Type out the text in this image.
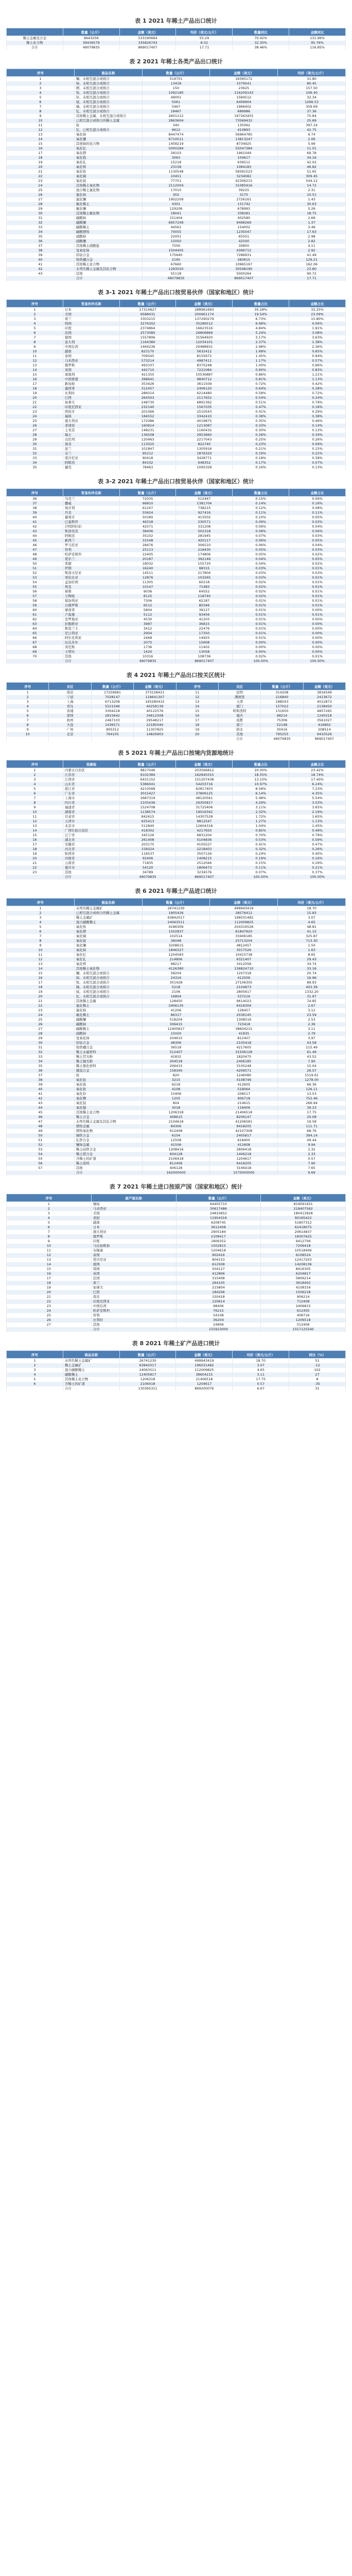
表 1 2021 年稀土产品出口统计
	数量（公斤）	金额（美元）	均价（美元/公斤）	数量同比	金额同比
稀土金属及合金	9643256	533190664	55.29	70.42%	131.96%
稀土化合物	39436579	335826743	8.52	32.30%	95.76%
合计	49079835	869017407	17.71	38.46%	116.85%
表 2 2021 年稀土各类产品出口统计
序号	商品名称	数量（公斤）	金额（美元）	均价（美元/公斤）
1	镧、未相互混合或熔合	514701	16365172	31.80
2	铈、未相互混合或熔合	13418	1079541	80.45
3	镨、未相互混合或熔合	150	23625	157.50
4	钕、未相互混合或熔合	1092180	116209143	106.40
5	钐、未相互混合或熔合	49001	1584512	32.34
6	铽、未相互混合或熔合	5061	6409904	1266.53
7	镝、未相互混合或熔合	5467	1966402	359.69
8	钇、未相互混合或熔合	18467	689986	37.36
9	其他稀土金属、未相互混合或熔合	2601212	197263455	75.84
10	已相互混合或熔合的稀土金属	2863604	73569432	25.69
11	钪	340	135062	397.24
12	钇、已相互混合或熔合	9612	410893	42.75
13	氧化铈	8447474	56964785	6.74
14	氧化镧	6710011	13813247	2.06
15	其他铈的化合物	1458219	8734925	5.99
16	氧化钇	5000284	55047384	11.01
17	氧化镨	28103	1961049	69.78
18	氧化铕	3063	104617	34.16
19	氧化钆	15218	639512	42.02
20	氧化铒	23158	1084183	46.82
21	氧化钕	1130548	58391523	51.65
22	氧化镝	10451	3234082	309.45
23	氧化铽	77751	42306215	544.12
24	其他稀土氧化物	2112004	31085916	14.72
25	混合稀土氯化物	17010	39225	2.31
26	氯化铈	302	3175	10.51
27	氯化镧	1902209	2726161	1.43
28	氟化稀土	4301	131742	30.63
29	氟化镧	129206	678993	5.26
30	其他稀土氟化物	18041	338281	18.75
31	碳酸铈	151404	402580	2.66
32	碳酸镧	6957249	9498269	1.37
33	碳酸稀土	44561	154002	3.46
34	碳酸镨钕	70055	1235047	17.63
35	硝酸铈	22001	65501	2.98
36	硝酸镧	15050	42500	2.82
37	其他稀土硝酸盐	7500	30850	4.11
38	氢氧化铈	1504405	4396712	2.92
39	钐钴合金	175640	7286931	41.49
40	钕铁硼合金	2195	283615	129.21
41	其他稀土化合物	67660	10965167	162.06
42	未列名稀土金属及其化合物	1283550	30548190	23.80
43	其他	55118	5000264	90.72
	合计	49079835	869017407	17.71
表 3-1 2021 年稀土产品出口按贸易伙伴（国家和地区）统计
序号	贸易伙伴名称	数量（公斤）	金额（美元）	数量占比	金额占比
1	日本	17314827	288961693	35.28%	33.25%
2	美国	9588431	200661174	19.54%	23.09%
3	荷兰	3303215	137290279	6.73%	15.80%
4	韩国	3276302	35286512	6.68%	4.06%
5	印度	2374864	16623516	4.84%	1.91%
6	法国	2573080	26806869	5.24%	3.08%
7	德国	1557806	31564920	3.17%	3.63%
8	意大利	1164380	12034101	2.37%	1.38%
9	中国台湾	1464236	20488931	2.98%	2.36%
10	越南	823170	5632412	1.68%	0.65%
11	泰国	709545	8155672	1.45%	0.94%
12	马来西亚	573214	4987411	1.17%	0.57%
13	俄罗斯	493107	8375248	1.00%	0.96%
14	英国	442710	7221084	0.90%	0.83%
15	奥地利	421355	10536887	0.86%	1.21%
16	中国香港	398641	9840712	0.81%	1.13%
17	新加坡	353426	3611509	0.72%	0.42%
18	墨西哥	312457	2406120	0.64%	0.28%
19	比利时	286014	6214480	0.58%	0.72%
20	巴西	264503	2117652	0.54%	0.24%
21	加拿大	248730	6891362	0.51%	0.79%
22	印度尼西亚	232140	1567035	0.47%	0.18%
23	西班牙	201066	2510543	0.41%	0.29%
24	瑞典	184552	3342410	0.38%	0.38%
25	澳大利亚	172086	4019875	0.35%	0.46%
26	菲律宾	160814	1213087	0.33%	0.14%
27	土耳其	148231	1160432	0.30%	0.13%
28	瑞士	136508	2953660	0.28%	0.34%
29	以色列	120463	2217043	0.25%	0.26%
30	南非	113025	822740	0.23%	0.09%
31	波兰	101847	1305916	0.21%	0.15%
32	芬兰	95212	1876320	0.19%	0.22%
33	爱沙尼亚	90418	3428771	0.18%	0.39%
34	阿联酋	84102	648352	0.17%	0.07%
35	捷克	78463	1095328	0.16%	0.13%
表 3-2 2021 年稀土产品出口按贸易伙伴（国家和地区）统计
序号	贸易伙伴名称	数量（公斤）	金额（美元）	数量占比	金额占比
36	乌克兰	72035	512447	0.15%	0.06%
37	挪威	66810	1381704	0.14%	0.16%
38	匈牙利	61247	738215	0.12%	0.08%
39	丹麦	55624	927416	0.11%	0.11%
40	葡萄牙	50180	413502	0.10%	0.05%
41	巴基斯坦	46318	230571	0.09%	0.03%
42	沙特阿拉伯	42571	331208	0.09%	0.04%
43	斯洛伐克	38406	502318	0.08%	0.06%
44	阿根廷	35102	281945	0.07%	0.03%
45	新西兰	31548	420117	0.06%	0.05%
46	罗马尼亚	28476	306510	0.06%	0.04%
47	智利	25113	218430	0.05%	0.03%
48	哈萨克斯坦	22405	174806	0.05%	0.02%
49	爱尔兰	20187	392146	0.04%	0.05%
50	希腊	18032	155720	0.04%	0.02%
51	伊朗	16240	98315	0.03%	0.01%
52	斯洛文尼亚	14511	217804	0.03%	0.03%
53	哥伦比亚	12876	103265	0.03%	0.01%
54	孟加拉国	11305	60218	0.02%	0.01%
55	埃及	10147	71483	0.02%	0.01%
56	秘鲁	9036	64552	0.02%	0.01%
57	立陶宛	8125	118740	0.02%	0.01%
58	保加利亚	7306	62187	0.01%	0.01%
59	白俄罗斯	6512	80346	0.01%	0.01%
60	摩洛哥	5804	39127	0.01%	0.00%
61	卢森堡	5112	93456	0.01%	0.01%
62	克罗地亚	4530	41203	0.01%	0.00%
63	拉脱维亚	3987	36815	0.01%	0.00%
64	斯里兰卡	3412	22476	0.01%	0.00%
65	尼日利亚	2904	17350	0.01%	0.00%
66	阿尔及利亚	2468	14925	0.01%	0.00%
67	厄瓜多尔	2075	15608	0.00%	0.00%
68	突尼斯	1736	11402	0.00%	0.00%
69	卡塔尔	1420	13058	0.00%	0.00%
70	其他	10316	108736	0.02%	0.01%
	合计	49079835	869017407	100.00%	100.00%
表 4 2021 年稀土产品出口按关区统计
序号	关区	数量（公斤）	金额（美元）	序号	关区	数量（公斤）	金额（美元）
1	南京	17259681	373158421	11	昆明	314208	3816549
2	宁波	7028147	118641307	12	满洲里	216840	2413672
3	上海	6713208	165280415	13	天津	188543	4012873
4	青岛	5521046	40258139	14	厦门	157022	2138450
5	黄埔	3304218	40122576	15	呼和浩特	131650	4857265
6	深圳	2815642	34612508	16	重庆	98214	1240318
7	杭州	2467103	29548217	17	成都	75306	3561027
8	大连	1436571	22185040	18	南宁	52148	416802
9	广州	905312	11307825	19	拱北	30416	208514
10	北京	764105	14826903	20	其他	795255	9410526
					合计	49079835	869017407
表 5 2021 年稀土产品出口按境内货源地统计
序号	货源地	数量（公斤）	金额（美元）	数量占比	金额占比
1	内蒙古自治区	9817046	203566812	20.00%	23.42%
2	江苏省	9102384	162840315	18.55%	18.74%
3	江西省	6431152	151207438	13.10%	17.40%
4	山东省	5386041	54203716	10.97%	6.24%
5	浙江省	4210568	62817403	8.58%	7.23%
6	广东省	3015427	37806125	6.14%	4.35%
7	上海市	2687319	48120561	5.48%	5.54%
8	四川省	2105436	26350817	4.29%	3.03%
9	福建省	1524708	31725406	3.11%	3.65%
10	湖南省	1138574	19016342	2.32%	2.19%
11	甘肃省	842615	14307528	1.72%	1.65%
12	天津市	625413	9812547	1.27%	1.13%
13	北京市	512840	12604318	1.04%	1.45%
14	广西壮族自治区	418302	4217650	0.85%	0.49%
15	辽宁省	345126	6831204	0.70%	0.79%
16	湖北省	261408	5104836	0.53%	0.59%
17	安徽省	203175	4105527	0.41%	0.47%
18	河北省	156024	2218403	0.32%	0.26%
19	陕西省	118537	3507126	0.24%	0.40%
20	河南省	92406	1408215	0.19%	0.16%
21	云南省	71835	2512046	0.15%	0.29%
22	重庆市	54120	1806473	0.11%	0.21%
23	其他	34789	3234576	0.07%	0.37%
	合计	49079835	869017407	100.00%	100.00%
表 6 2021 年稀土产品进口统计
序号	商品名称	数量（公斤）	金额（美元）	均价（美元/公斤）
1	未列名稀土金属矿	26741230	499943419	18.70
2	已相互混合或熔合的稀土金属	1805426	28576412	15.83
3	稀土金属矿	63842017	196031482	3.07
4	混合碳酸稀土	24063511	112009825	4.65
5	氧化钕	4186309	204316528	48.81
6	氧化镨	1502837	61847920	41.15
7	氧化镝	102514	33406185	325.87
8	氧化铽	36048	25713204	713.30
9	氧化镧	3208615	4812457	1.50
10	氧化铈	1846327	3017526	1.63
11	氧化钇	1204583	10415738	8.65
12	氧化钆	214806	6321407	29.43
13	氧化铒	98217	3412058	34.74
14	其他稀土氧化物	4126380	136824710	33.16
15	镧、未相互混合或熔合	58204	1207318	20.74
16	铈、未相互混合或熔合	24316	412509	16.96
17	钕、未相互混合或熔合	301428	27106305	89.93
18	镝、未相互混合或熔合	5218	2104873	403.39
19	铽、未相互混合或熔合	2106	2805617	1332.20
20	钇、未相互混合或熔合	16804	537216	31.97
21	其他稀土金属	128450	9614023	74.85
22	氯化稀土	2406135	6418304	2.67
23	氯化铈	41206	128457	3.12
24	氟化稀土	86317	2036145	23.59
25	碳酸镧	518204	1308516	2.53
26	碳酸铈	306415	723418	2.36
27	碳酸稀土	12405817	38604215	3.11
28	硝酸铈	15020	41835	2.79
29	氢氧化铈	204615	812407	3.97
30	钐钴合金	48306	2105418	43.58
31	钕铁硼合金	36518	4217605	115.49
32	稀土永磁材料	512407	31506128	61.49
33	稀土荧光粉	41832	1820475	43.52
34	稀土抛光粉	304518	2406185	7.90
35	稀土催化材料	206415	3105248	15.04
36	储氢合金	158340	4206571	26.57
37	钪	820	1246080	1519.61
38	氧化钪	3215	4108746	1278.00
39	氧化铕	6218	412605	66.36
40	氧化钬	4108	518064	126.11
41	氧化钐	15406	208517	13.53
42	氧化镥	1205	906718	752.46
43	氧化铥	804	214615	266.94
44	氧化镱	3018	118406	39.23
45	其他稀土化合物	1206318	21406518	17.75
46	稀土合金	408615	8206147	20.08
47	未列名稀土金属及其化合物	2104618	41206581	19.58
48	镨钕金属	84306	9418205	111.71
49	镨钕氧化物	612408	42107308	68.76
50	镝铁合金	6104	2405817	394.14
51	钆铁合金	12508	618405	49.44
52	镧铈金属	41506	412608	9.94
53	稀土硅铁合金	1208416	2806418	2.32
54	稀土镁合金	604128	1406218	2.33
55	含稀土的矿渣	2106418	1204617	0.57
56	稀土废料	812406	6418205	7.90
57	其他	406128	3106418	7.65
	合计	162000000	1570000000	9.69
表 7 2021 年稀土进口按原产国（国家和地区）统计
序号	原产国名称	数量（公斤）	金额（美元）
1	缅甸	64405710	819091931
2	马来西亚	30617486	218407562
3	美国	24810652	180413928
4	老挝	11904316	90185422
5	越南	6208745	51807312
6	日本	3612408	62418075
7	澳大利亚	2905184	20614837
8	俄罗斯	2108417	18307625
9	印度	1806352	9412706
10	马达加斯加	1502815	7206418
11	布隆迪	1204618	10518406
12	泰国	902416	6108524
13	爱沙尼亚	804153	12417203
14	德国	612508	14208136
15	韩国	504127	8416305
16	英国	412806	6204817
17	法国	315408	5806214
18	荷兰	264105	3618402
19	加拿大	215804	4108316
20	巴西	184206	1506218
21	南非	150418	906214
22	印度尼西亚	120614	712408
23	中国台湾	98406	2406815
24	哈萨克斯坦	76215	612405
25	智利	54108	408716
26	比利时	36204	1206518
27	其他	24806	512406
	合计	155923000	1557125540
表 8 2021 年稀土矿产品进口统计
序号	商品名称	数量（公斤）	金额（美元）	均价（美元/公斤）	同比（%）
1	未列名稀土金属矿	26741230	499943419	18.70	51
2	稀土金属矿	63842017	196031482	3.07	-12
3	混合碳酸稀土	24063511	112009825	4.65	102
4	碳酸稀土	12405817	38604215	3.11	27
5	其他稀土化合物	1206318	21406518	17.75	8
6	含稀土的矿渣	2106418	1204617	0.57	-35
	合计	130365311	869200076	6.67	31
